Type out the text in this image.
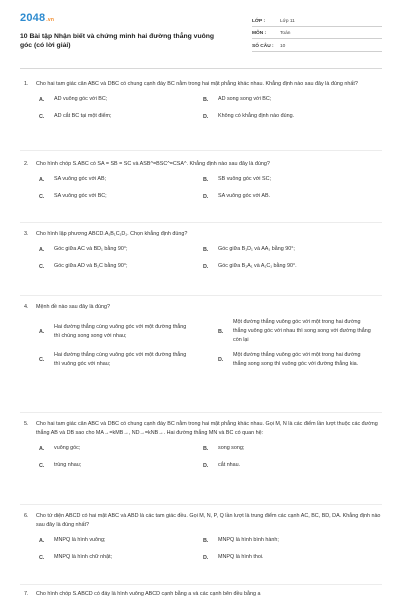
2048.vn
10 Bài tập Nhận biết và chứng minh hai đường thẳng vuông góc (có lời giải)
LỚP :	Lớp 11
MÔN :	Toán
SỐ CÂU :	10
1. Cho hai tam giác cân ABC và DBC có chung cạnh đáy BC nằm trong hai mặt phẳng khác nhau. Khẳng định nào sau đây là đúng nhất?
A.	AD vuông góc với BC;	B.	AD song song với BC;
C.	AD cắt BC tại một điểm;	D.	Không có khẳng định nào đúng.
2. Cho hình chóp S.ABC có SA = SB = SC và ASB^=BSC^=CSA^. Khẳng định nào sau đây là đúng?
A.	SA vuông góc với AB;	B.	SB vuông góc với SC;
C.	SA vuông góc với BC;	D.	SA vuông góc với AB.
3. Cho hình lập phương ABCD.A₁B₁C₁D₁. Chọn khẳng định đúng?
A.	Góc giữa AC và BD₁ bằng 90°;	B.	Góc giữa B₁D₁ và AA₁ bằng 90°;
C.	Góc giữa AD và B₁C bằng 90°;	D.	Góc giữa B₁A₁ và A₁C₁ bằng 90°.
4. Mệnh đề nào sau đây là đúng?
A.
Hai đường thẳng cùng vuông góc với một đường thẳng thì chúng song song với nhau;
B.
Một đường thẳng vuông góc với một trong hai đường thẳng vuông góc với nhau thì song song với đường thẳng còn lại
C.
Hai đường thẳng cùng vuông góc với một đường thẳng thì vuông góc với nhau;
D.
Một đường thẳng vuông góc với một trong hai đường thẳng song song thì vuông góc với đường thẳng kia.
5. Cho hai tam giác cân ABC và DBC có chung cạnh đáy BC nằm trong hai mặt phẳng khác nhau. Gọi M, N là các điểm lần lượt thuộc các đường thẳng AB và DB sao cho MA→=kMB→, ND→=kNB→. Hai đường thẳng MN và BC có quan hệ:
A.	vuông góc;	B.	song song;
C.	trùng nhau;	D.	cắt nhau.
6. Cho tứ diện ABCD có hai mặt ABC và ABD là các tam giác đều. Gọi M, N, P, Q lần lượt là trung điểm các cạnh AC, BC, BD, DA. Khẳng định nào sau đây là đúng nhất?
A.	MNPQ là hình vuông;	B.	MNPQ là hình bình hành;
C.	MNPQ là hình chữ nhật;	D.	MNPQ là hình thoi.
7. Cho hình chóp S.ABCD có đáy là hình vuông ABCD cạnh bằng a và các cạnh bên đều bằng a
